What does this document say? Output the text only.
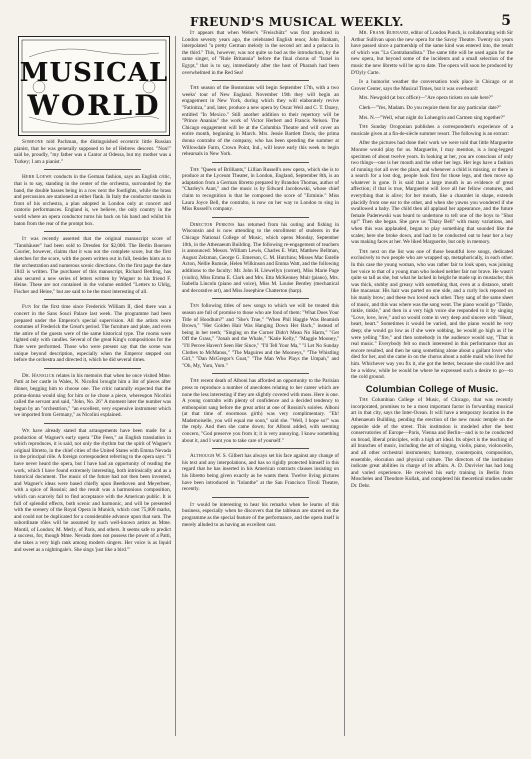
FREUND'S MUSICAL WEEKLY.	5
MUSICAL
WORLD

Someone told Pachman, the distinguished eccentric little Russian pianist, that he was generally supposed to be of Hebrew descent. "Non!" said he, proudly, "my father was a Cantor at Odessa, but my mother was a Turkey; I am a pianist."

Herr Loewe conducts in the German fashion, says an English critic, that is to say, standing in the center of the orchestra, surrounded by the band, the double basses being in a row next the footlights, while the brass and percussion are stationed at either flank. In Italy the conductor stands in front of his orchestra, a plan adopted in London only at concert and oratorio performances. England is, we believe, the only country in the world where an opera conductor turns his back on his band and whilst his baton from the rear of the prompt box.

It was recently asserted that the original manuscript score of "Tannhäuser" had been sold to Dresden for $2,000. The Berlin Boersen Courier, however, claims that it was not the complete score, but the first sketches for the score, with the poem written out in full, besides hints as to the orchestration and numerous scenic directions. On the first page the date 1843 is written. The purchaser of this manuscript, Richard Bettling, has also secured a new series of letters written by Wagner to his friend F. Heine. These are not contained in the volume entitled "Letters to Uhlig, Fischer and Heine," but are said to be the most interesting of all.

Fun for the first time since Frederick William II, died there was a concert in the Sans Souci Palace last week. The programme had been prepared under the Emperor's special supervision. All the artists wore costumes of Frederick the Great's period. The furniture and plate, and even the attire of the guests were of the same historical type. The rooms were lighted only with candles. Several of the great King's compositions for the flute were performed. Those who were present say that the scene was unique beyond description, especially when the Emperor stepped out before the orchestra and directed it, which he did several times.

Dr. Hanslick relates in his memoirs that when he once visited Mme. Patti at her castle in Wales, N. Nicolini brought him a list of pieces after dinner, begging him to choose one. The critic naturally expected that the prima-donna would sing for him or he chose a piece, whereupon Nicolini called the servant and said, "John, No. 26" A moment later the number was begun by an "orchestrion," "an excellent, very expensive instrument which we imported from Germany," as Nicolini explained.

We have already stated that arrangements have been made for a production of Wagner's early opera "Die Feen," an English translation in which reproduces, it is said, not only the rhythm but the spirit of Wagner's original libretto, in the chief cities of the United States with Emma Nevada in the principal rôle. A foreign correspondent referring to the opera says: "I have never heard the opera, but I have had an opportunity of reading the work, which I have found extremely interesting, both intrinsically and as a historical document. The music of the future had not then been invented, and Wagner's ideas were based chiefly upon Beethoven and Meyerbeer, with a spice of Rossini; and the result was a harmonious composition, which can scarcely fail to find acceptance with the American public. It is full of splendid effects, both scenic and harmonic, and will be presented with the scenery of the Royal Opera in Munich, which cost 75,000 marks, and could not be duplicated for a considerable advance upon that sum. The subordinate rôles will be assumed by such well-known artists as Mme. Montil, of London; M. Merly, of Paris, and others. It seems safe to predict a success, for, though Mme. Nevada does not possess the power of a Patti, she takes a very high rank among modern singers. Her voice is as liquid and sweet as a nightingale's. She sings 'just like a bird.'"

It appears that when Weber's "Freischütz" was first produced in London seventy years ago, the celebrated English tenor, John Braham, interpolated "a pretty German melody in the second act and a polacca in the third." This, however, was not quite so bad as the introduction, by the same singer, of "Rule Britannia" before the final chorus of "Israel in Egypt," that is to say, immediately after the host of Pharaoh had been overwhelmed in the Red Sea!

The season of the Bostonians will begin September 17th, with a two weeks' tour of New England. November 19th they will begin an engagement in New York, during which they will elaborately revive "Fatinitza," and, later, produce a new opera by Oscar Weil and C. T. Dazey, entitled "In Mexico." Still another addition to their repertory will be "Prince Ananias" the work of Victor Herbert and Francis Nelson. The Chicago engagement will be at the Columbia Theatre and will cover an entire month, beginning in March. Mrs. Jessie Bartlett Davis, the prima donna contralto of the company, who has been spending the summer at Willowdale Farm, Crown Point, Ind., will leave early this week to begin rehearsals in New York.

The "Queen of Brilliants," Lillian Russell's new opera, which she is to produce at the Lyceum Theater, in London, England, September 8th, is an adaptation from a German libretto prepared by Brandon Thomas, author of "Charley's Aunt," and the music is by Edward Jacobowski, whose chief claim to recognition is that he composed the score of "Erminie." Miss Laura Joyce Bell, the contralto, is now on her way to London to sing in Miss Russell's company.

Director Perkins has returned from his outing and fishing in Wisconsin and is now attending to the enrollment of students in the Chicago National College of Music, which opens Monday, September 10th, in the Athenaeum Building. The following re-engagement of teachers is announced: Messrs. William Lewis, Charles E. Watt, Matthew Bellman, August Zelzman, George G. Emerson, C. M. Hutchins; Misses Mac Estelle Acton, Nellie Rumsie, Helen Wilkinson and Emma Watt, and the following additions to the faculty: Mr. John H. Llewellyn (cornet), Miss Marie Page (violin), Miss Emma E. Clark and Mrs. Etta McKenney Muir (piano), Mrs. Isabella Lincoln (piano and voice), Miss M. Louise Bentley (mechanical and decorative art), and Miss Josephine Chatterton (harp).

Ten following titles of new songs to which we will be treated this season are full of promise to those who are fond of them: "What Does Your Title of Hoodlum?" and "She's True," "When Phil Haggle Was Beamish Brown," "Her Golden Hair Was Hanging Down Her Back," instead of being in her teeth; "Singing on the Corner Didn't Mean No Harm," "Get Off the Grass," "Jonah and the Whale," "Katie Kelly," "Maggie Mooney," "I'll Percee Haven't Seen Her Since," "I'll Tell Your Ma," "I Let No Sunday Clothes to McManus," "The Maguires and the Mooneys," "The Whistling Girl," "Dan McGregor's Goat," "The Man Who Plays the Umpah," and "Oh, My, Yum, Yum."

The recent death of Alboni has afforded an opportunity to the Parisian press to reproduce a number of anecdotes relating to her career which are none the less interesting if they are slightly covered with moss. Here is one. A young contralto with plenty of confidence and a decided tendency to embonpoint sang before the great artist at one of Rossini's soirées. Alboni (at that time of enormous girth) was very complimentary. "Eh! Mademoiselle, you will equal me soon," said she. "Well, I hope so!" was the reply. And then she came down; for Alboni added, with seeming concern, "God preserve you from it; it is very annoying. I know something about it, and I want you to take care of yourself."

Although W. S. Gilbert has always set his face against any change of his text and any interpolations, and has so rigidly protected himself in this regard that he has inserted in his American contracts clauses insisting on his libretto being given exactly as he wants them. Twelve living pictures have been introduced in "Iolanthe" at the San Francisco Tivoli Theatre, recently.

It would be interesting to hear his remarks when he learns of this business, especially when he discovers that the tableaux are starred on the programme as the special feature of the performance, and the opera itself is merely alluded to as having an excellent cast.

Mr. Frank Burnand, editor of London Punch, is collaborating with Sir Arthur Sullivan upon the new opera for the Savoy Theatre. Twenty six years have passed since a partnership of the same kind was entered into, the result of which was "La Contrabandista." The same title will be used again for the new opera, but beyond some of the incidents and a small selection of the music the new libretto will be up to date. The opera will soon be produced by D'Oyly Carte.

Is a humorist weather the conversation took place in Chicago or at Grover Center, says the Musical Times, but it was overheard:

Mrs. Newgold (at box office)—"Are opera tickets on sale here?"

Clerk—"Yes, Madam. Do you require them for any particular date?"

Mrs. N.—"Well, what night do Lohengrin and Carmen sing together?"

The Sunday Orogonian publishes a correspondent's experience of a musicale given at a fin-de-siècle summer resort. The following is an extract:

After the pictures had done their work we were told that little Marguerite Monroe would play for us. Marguerite, I may mention, is a long-legged specimen of about twelve years. In looking at her, you are conscious of only two things—one is her mouth and the other her legs. Her legs have a fashion of running riot all over the place, and whenever a child is missing, or there is a search for a lost dog, people look first for those legs, and then move up whatever is gone. It is said that a large mouth is an evidence of great affection; if that is true, Marguerite will love all her fellow creatures, and everything that is alive; for her mouth, like a chasmlet in shape, extends placidly from one ear to the other, and when she yawns you wondered if she swallowed a baby. The child then all applaud her appearance, and the future female Paderewski was heard to undertone to tell one of the boys to "Shut up!" Then she began. She gave us "Daisy Bell" with many variations, and when this was applauded, began to play something that sounded like the scales; here she broke down, and had to be conducted out to hear her a boy was making faces at her. We liked Marguerite, but only in memory.

The next on the list was one of those beautiful love songs, dedicated exclusively to two people who are wrapped up, metaphorically, in each other. In this case the young woman, who was rather fair to look upon, was joining her voice to that of a young man who looked neither fair nor brave. He wasn't quite so tall as she, but what he lacked in height he made up in mustache; this was thick, stubby and greasy with something that, even at a distance, smelt like macassar. His hair was parted on one side, and a curly lock reposed on his manly brow; and these two loved each other. They sang of the same sheet of music, and this was where was the song went. The piano would go "Tinkle, tinkle, tinkle," and then in a very high voice she responded to it by singing "Love, love, love," and so would come in very deep and sincere with "Heart, heart, heart." Sometimes it would be varied, and the piano would be very deep; she would go low as if she were sobbing, he would go high as if he were yelling "fire," and then somebody in the audience would say, "That is real music." Everybody felt so much interested in this performance that an encore resulted, and then he sang something alone about a gallant lover who died for her, and she came in on the chorus about a noble maid who lived for him. Whichever way you fix it, she got the better, because she could live and be a widow, while he would be where he expressed such a desire to go—to the cold ground.

Columbian College of Music.

The Columbian College of Music, of Chicago, that was recently incorporated, promises to be a most important factor in forwarding musical art in that city, says the Inter-Ocean. It will have a temporary location in the Athenaeum Building, pending the erection of the new music temple on the opposite side of the street. This institution is modeled after the best conservatories of Europe—Paris, Vienna and Berlin—and is to be conducted on broad, liberal principles, with a high art ideal. Its object is the teaching of all branches of music, including the art of singing, violin, piano, violoncello, and all other orchestral instruments; harmony, counterpoint, composition, ensemble, elocution and physical culture. The directors of the institution indicate great abilities in charge of its affairs. A. D. Duvivier has had long and varied experience. He received his early training in Berlin from Moscheles and Theodore Kullak, and completed his theoretical studies under Dr. Dehr.
